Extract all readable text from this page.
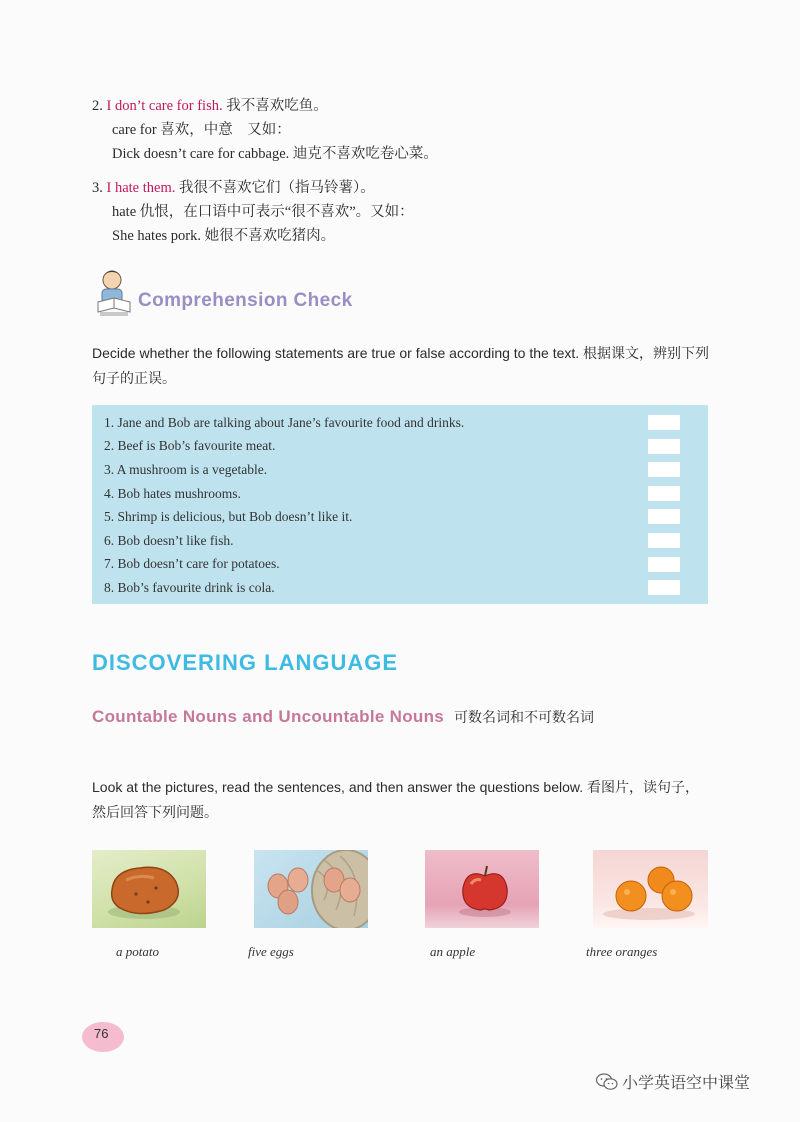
2. I don’t care for fish. 我不喜欢吃鱼。
care for 喜欢，中意　又如：
Dick doesn’t care for cabbage. 迪克不喜欢吃卷心菜。
3. I hate them. 我很不喜欢它们（指马铃薯）。
hate 仇恨，在口语中可表示“很不喜欢”。又如：
She hates pork. 她很不喜欢吃猪肉。
Comprehension Check
Decide whether the following statements are true or false according to the text. 根据课文，辨别下列句子的正误。
1. Jane and Bob are talking about Jane’s favourite food and drinks.
2. Beef is Bob’s favourite meat.
3. A mushroom is a vegetable.
4. Bob hates mushrooms.
5. Shrimp is delicious, but Bob doesn’t like it.
6. Bob doesn’t like fish.
7. Bob doesn’t care for potatoes.
8. Bob’s favourite drink is cola.
DISCOVERING LANGUAGE
Countable Nouns and Uncountable Nouns 可数名词和不可数名词
Look at the pictures, read the sentences, and then answer the questions below. 看图片，读句子，然后回答下列问题。
a potato	five eggs	an apple	three oranges
76
小学英语空中课堂
